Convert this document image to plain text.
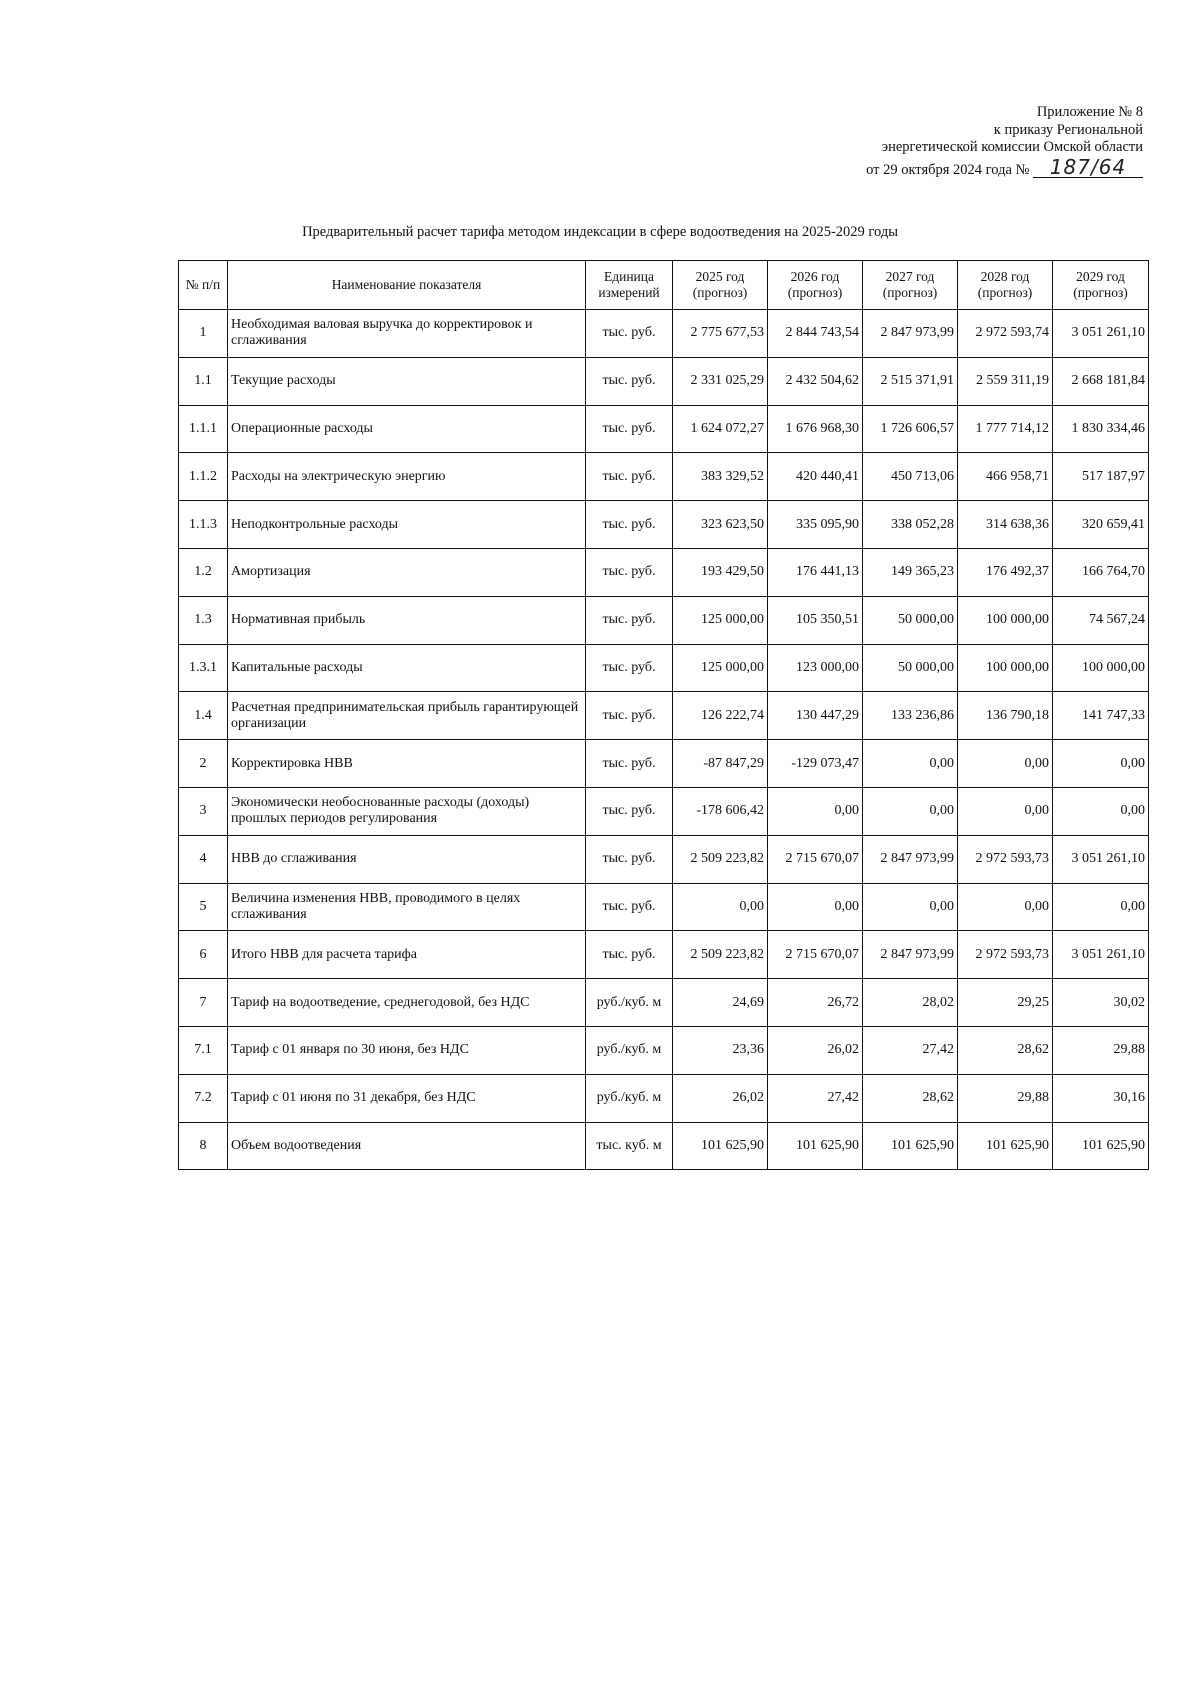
Приложение № 8
к приказу Региональной
энергетической комиссии Омской области
от 29 октября 2024 года № 187/64
Предварительный расчет тарифа методом индексации в сфере водоотведения на 2025-2029 годы
№ п/п	Наименование показателя	Единица измерений	2025 год (прогноз)	2026 год (прогноз)	2027 год (прогноз)	2028 год (прогноз)	2029 год (прогноз)
1	Необходимая валовая выручка до корректировок и сглаживания	тыс. руб.	2 775 677,53	2 844 743,54	2 847 973,99	2 972 593,74	3 051 261,10
1.1	Текущие расходы	тыс. руб.	2 331 025,29	2 432 504,62	2 515 371,91	2 559 311,19	2 668 181,84
1.1.1	Операционные расходы	тыс. руб.	1 624 072,27	1 676 968,30	1 726 606,57	1 777 714,12	1 830 334,46
1.1.2	Расходы на электрическую энергию	тыс. руб.	383 329,52	420 440,41	450 713,06	466 958,71	517 187,97
1.1.3	Неподконтрольные расходы	тыс. руб.	323 623,50	335 095,90	338 052,28	314 638,36	320 659,41
1.2	Амортизация	тыс. руб.	193 429,50	176 441,13	149 365,23	176 492,37	166 764,70
1.3	Нормативная прибыль	тыс. руб.	125 000,00	105 350,51	50 000,00	100 000,00	74 567,24
1.3.1	Капитальные расходы	тыс. руб.	125 000,00	123 000,00	50 000,00	100 000,00	100 000,00
1.4	Расчетная предпринимательская прибыль гарантирующей организации	тыс. руб.	126 222,74	130 447,29	133 236,86	136 790,18	141 747,33
2	Корректировка НВВ	тыс. руб.	-87 847,29	-129 073,47	0,00	0,00	0,00
3	Экономически необоснованные расходы (доходы) прошлых периодов регулирования	тыс. руб.	-178 606,42	0,00	0,00	0,00	0,00
4	НВВ до сглаживания	тыс. руб.	2 509 223,82	2 715 670,07	2 847 973,99	2 972 593,73	3 051 261,10
5	Величина изменения НВВ, проводимого в целях сглаживания	тыс. руб.	0,00	0,00	0,00	0,00	0,00
6	Итого НВВ для расчета тарифа	тыс. руб.	2 509 223,82	2 715 670,07	2 847 973,99	2 972 593,73	3 051 261,10
7	Тариф на водоотведение, среднегодовой, без НДС	руб./куб. м	24,69	26,72	28,02	29,25	30,02
7.1	Тариф с 01 января по 30 июня, без НДС	руб./куб. м	23,36	26,02	27,42	28,62	29,88
7.2	Тариф с 01 июня по 31 декабря, без НДС	руб./куб. м	26,02	27,42	28,62	29,88	30,16
8	Объем водоотведения	тыс. куб. м	101 625,90	101 625,90	101 625,90	101 625,90	101 625,90
